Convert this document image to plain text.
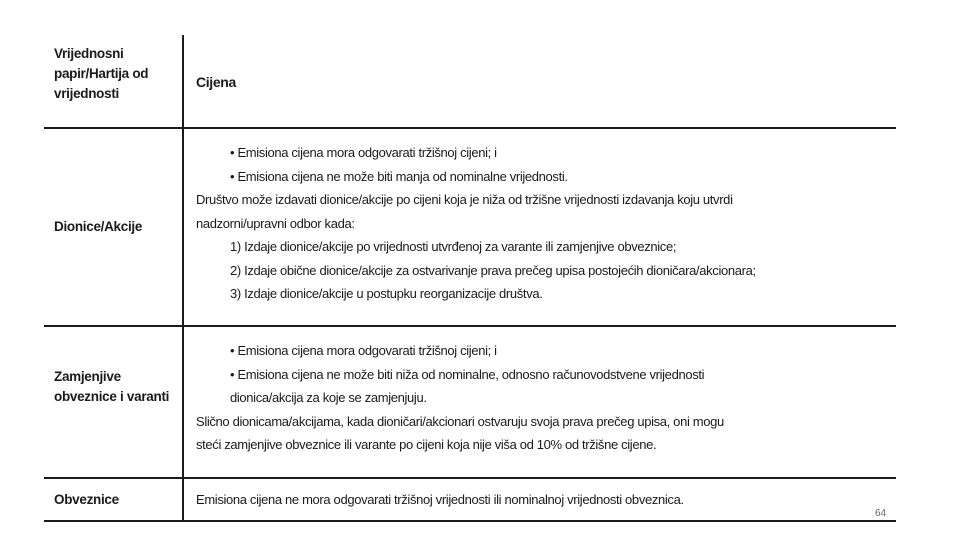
Vrijednosni papir/Hartija od vrijednosti
Cijena
Dionice/Akcije
• Emisiona cijena mora odgovarati tržišnoj cijeni; i
• Emisiona cijena ne može biti manja od nominalne vrijednosti.
Društvo može izdavati dionice/akcije po cijeni koja je niža od tržišne vrijednosti izdavanja koju utvrdi
nadzorni/upravni odbor kada:
1) Izdaje dionice/akcije po vrijednosti utvrđenoj za varante ili zamjenjive obveznice;
2) Izdaje obične dionice/akcije za ostvarivanje prava prečeg upisa postojećih dioničara/akcionara;
3) Izdaje dionice/akcije u postupku reorganizacije društva.
Zamjenjive obveznice i varanti
• Emisiona cijena mora odgovarati tržišnoj cijeni; i
• Emisiona cijena ne može biti niža od nominalne, odnosno računovodstvene vrijednosti
dionica/akcija za koje se zamjenjuju.
Slično dionicama/akcijama, kada dioničari/akcionari ostvaruju svoja prava prečeg upisa, oni mogu
steći zamjenjive obveznice ili varante po cijeni koja nije viša od 10% od tržišne cijene.
Obveznice	Emisiona cijena ne mora odgovarati tržišnoj vrijednosti ili nominalnoj vrijednosti obveznica.
64
